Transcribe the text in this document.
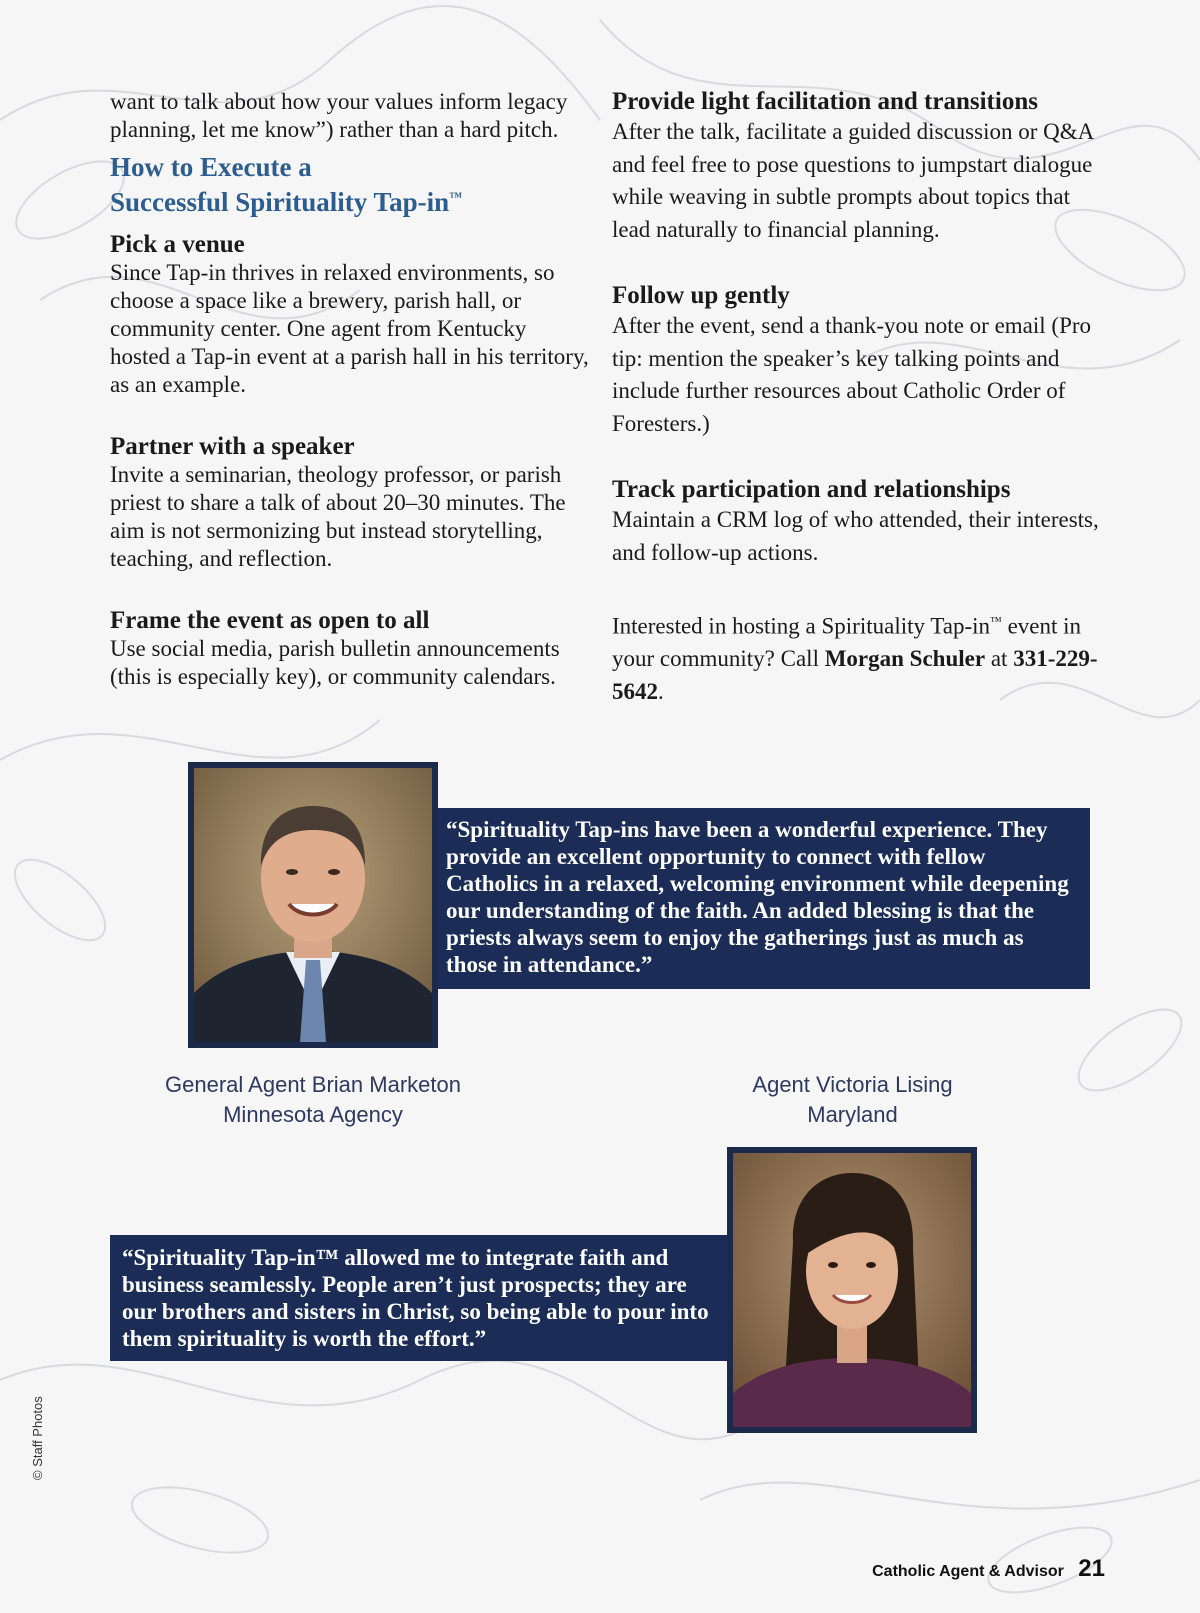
want to talk about how your values inform legacy planning, let me know”) rather than a hard pitch.

How to Execute a
Successful Spirituality Tap-in™
Pick a venue

Since Tap-in thrives in relaxed environments, so choose a space like a brewery, parish hall, or community center. One agent from Kentucky hosted a Tap-in event at a parish hall in his territory, as an example.

Partner with a speaker

Invite a seminarian, theology professor, or parish priest to share a talk of about 20–30 minutes. The aim is not sermonizing but instead storytelling, teaching, and reflection.

Frame the event as open to all

Use social media, parish bulletin announcements (this is especially key), or community calendars.

Provide light facilitation and transitions

After the talk, facilitate a guided discussion or Q&A and feel free to pose questions to jumpstart dialogue while weaving in subtle prompts about topics that lead naturally to financial planning.

Follow up gently

After the event, send a thank-you note or email (Pro tip: mention the speaker’s key talking points and include further resources about Catholic Order of Foresters.)

Track participation and relationships

Maintain a CRM log of who attended, their interests, and follow-up actions.

Interested in hosting a Spirituality Tap-in™ event in your community? Call Morgan Schuler at 331-229-5642.

“Spirituality Tap-ins have been a wonderful experience. They provide an excellent opportunity to connect with fellow Catholics in a relaxed, welcoming environment while deepening our understanding of the faith. An added blessing is that the priests always seem to enjoy the gatherings just as much as those in attendance.”
General Agent Brian Marketon
Minnesota Agency
Agent Victoria Lising
Maryland
“Spirituality Tap-in™ allowed me to integrate faith and business seamlessly. People aren’t just prospects; they are our brothers and sisters in Christ, so being able to pour into them spirituality is worth the effort.”
© Staff Photos
Catholic Agent & Advisor 21
